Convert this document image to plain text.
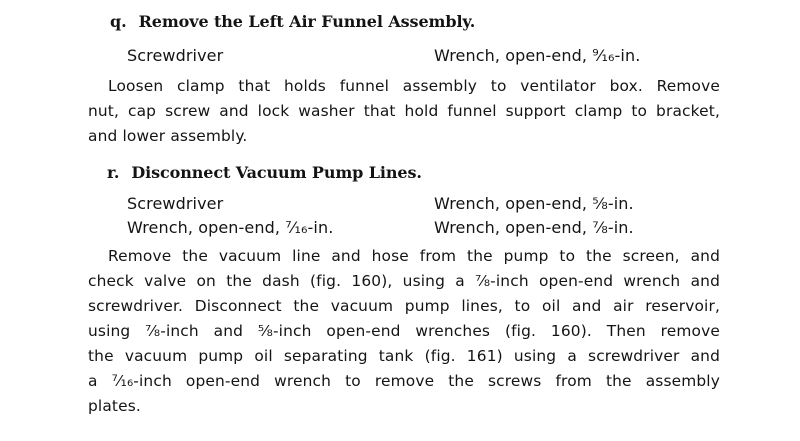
q. Remove the Left Air Funnel Assembly.
Screwdriver	Wrench, open-end, ⁹⁄₁₆-in.
Loosen clamp that holds funnel assembly to ventilator box. Remove
nut, cap screw and lock washer that hold funnel support clamp to bracket,
and lower assembly.
r. Disconnect Vacuum Pump Lines.
Screwdriver	Wrench, open-end, ⅝-in.
Wrench, open-end, ⁷⁄₁₆-in.	Wrench, open-end, ⅞-in.
Remove the vacuum line and hose from the pump to the screen, and
check valve on the dash (fig. 160), using a ⅞-inch open-end wrench and
screwdriver. Disconnect the vacuum pump lines, to oil and air reservoir,
using ⅞-inch and ⅝-inch open-end wrenches (fig. 160). Then remove
the vacuum pump oil separating tank (fig. 161) using a screwdriver and
a ⁷⁄₁₆-inch open-end wrench to remove the screws from the assembly
plates.
